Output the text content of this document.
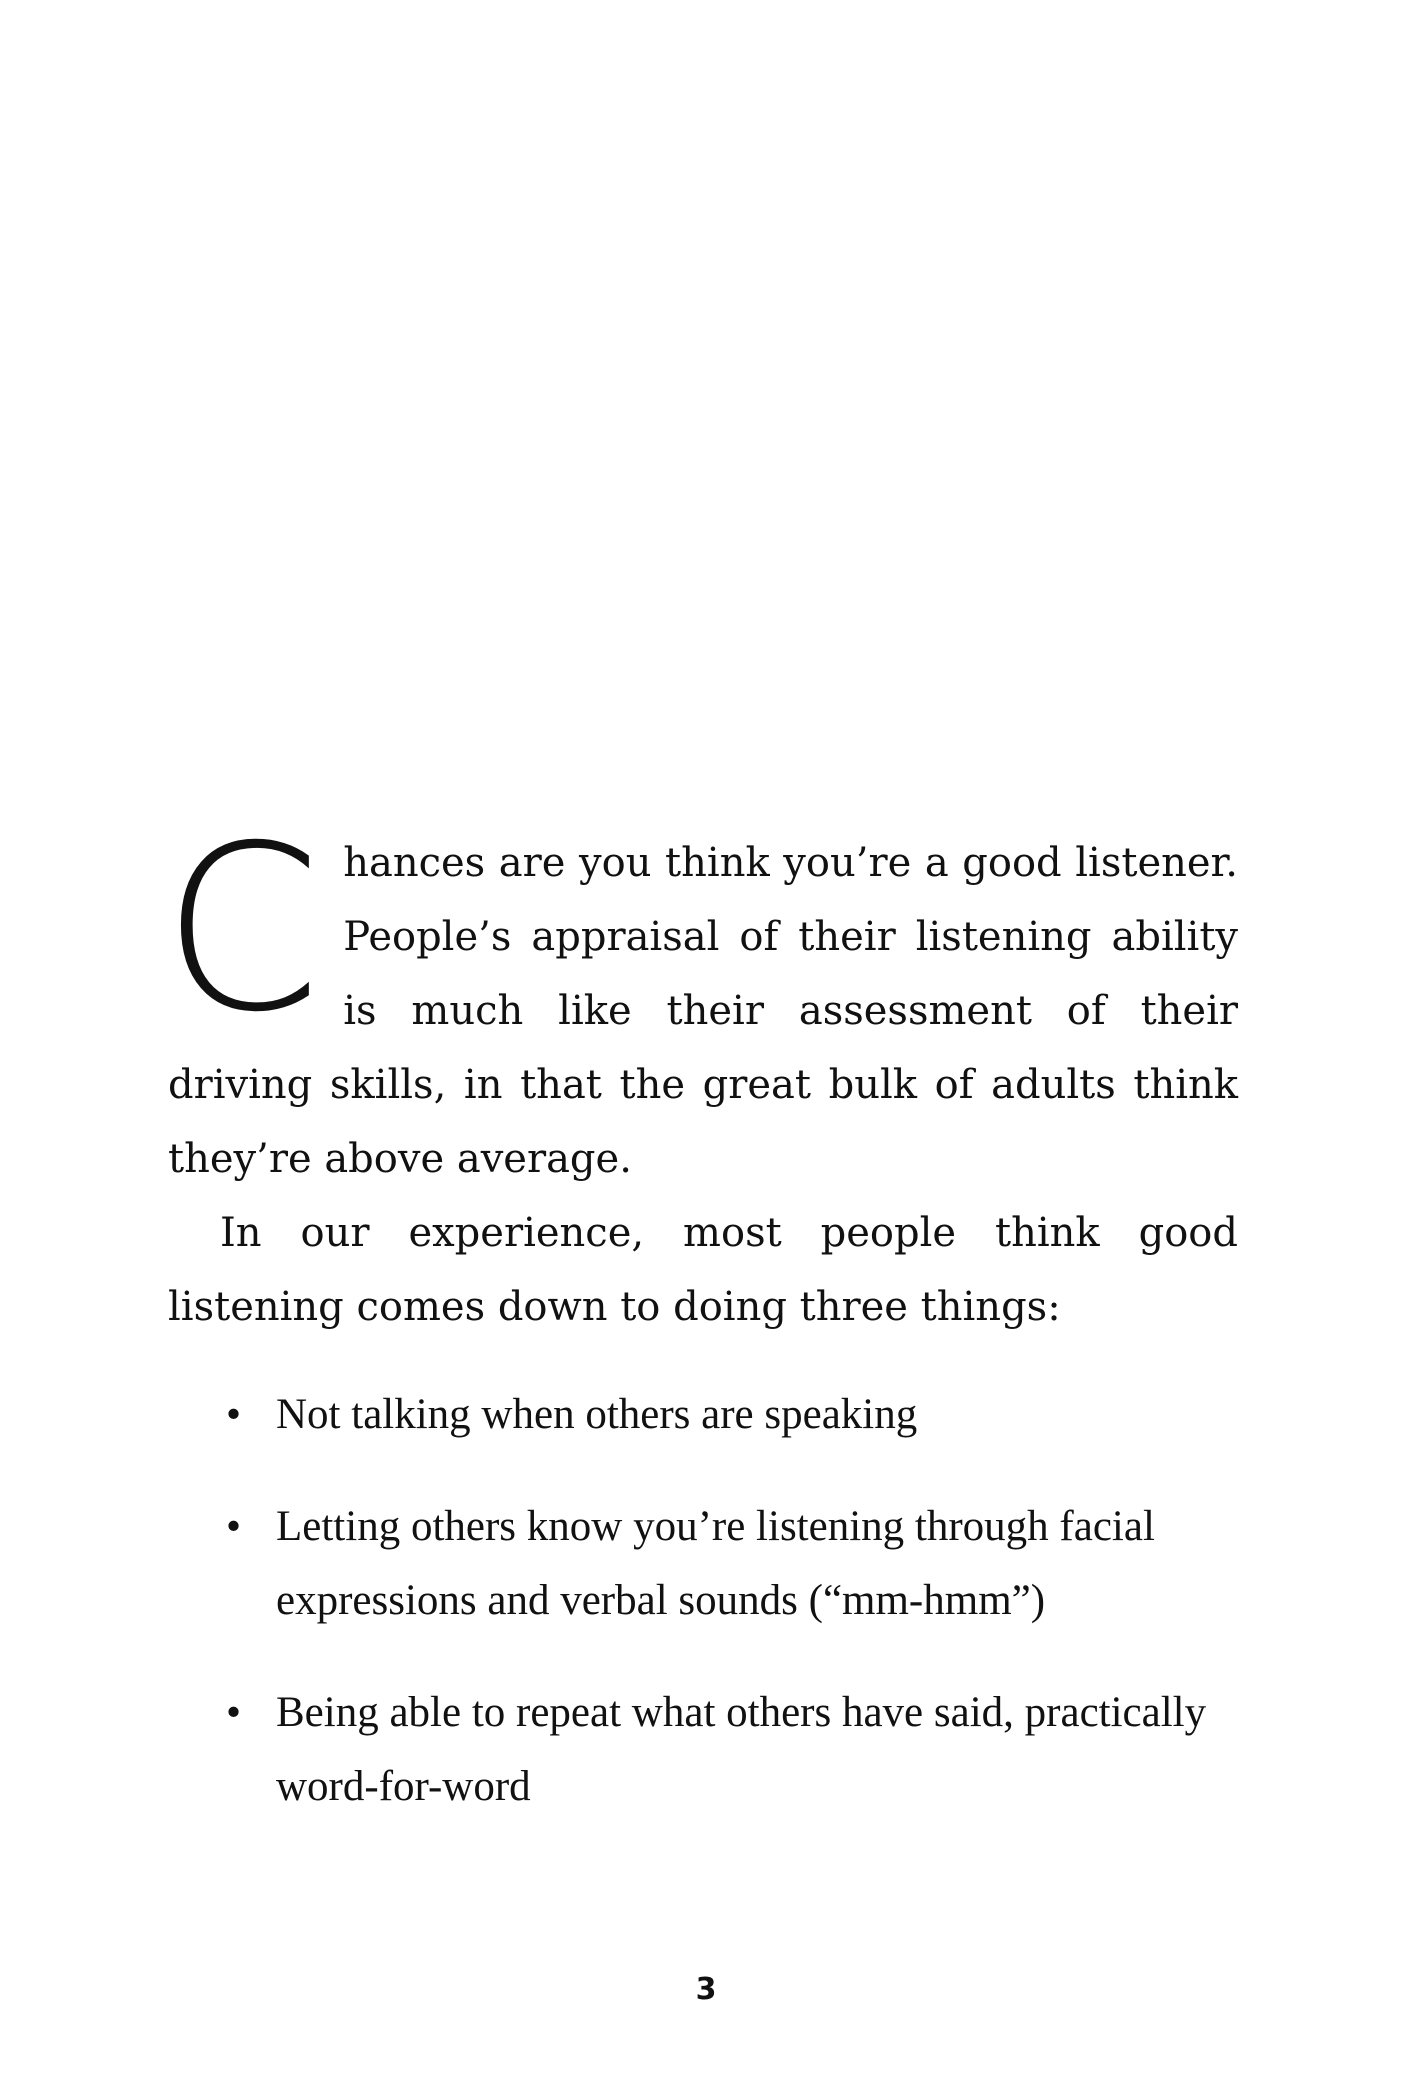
C hances are you think you’re a good listener. People’s appraisal of their listening ability is much like their assessment of their driving skills, in that the great bulk of adults think they’re above average.

In our experience, most people think good listening comes down to doing three things:

• Not talking when others are speaking
• Letting others know you’re listening through facial expressions and verbal sounds (“mm-hmm”)
• Being able to repeat what others have said, practically word-for-word
3
